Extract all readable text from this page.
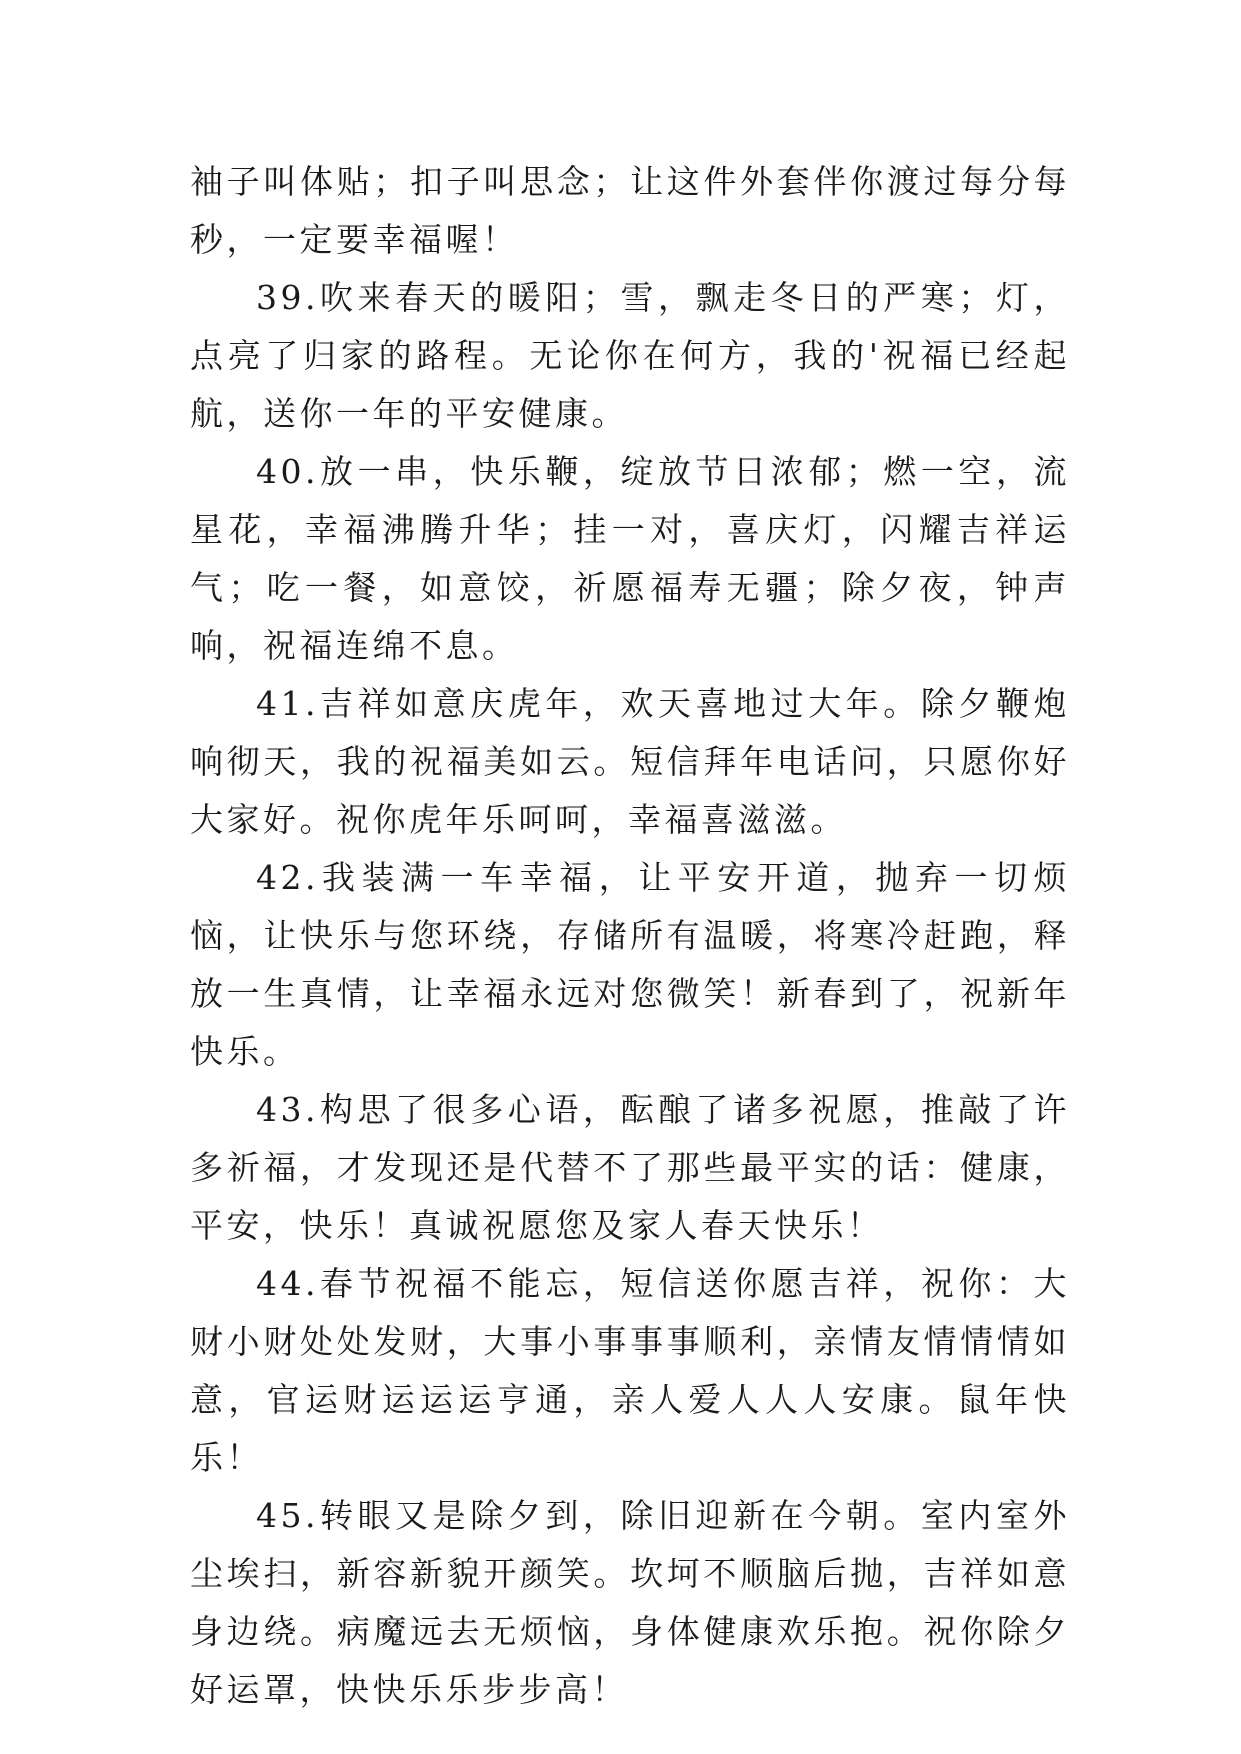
袖子叫体贴；扣子叫思念；让这件外套伴你渡过每分每秒，一定要幸福喔！

39.吹来春天的暖阳；雪，飘走冬日的严寒；灯，点亮了归家的路程。无论你在何方，我的'祝福已经起航，送你一年的平安健康。

40.放一串，快乐鞭，绽放节日浓郁；燃一空，流星花，幸福沸腾升华；挂一对，喜庆灯，闪耀吉祥运气；吃一餐，如意饺，祈愿福寿无疆；除夕夜，钟声响，祝福连绵不息。

41.吉祥如意庆虎年，欢天喜地过大年。除夕鞭炮响彻天，我的祝福美如云。短信拜年电话问，只愿你好大家好。祝你虎年乐呵呵，幸福喜滋滋。

42.我装满一车幸福，让平安开道，抛弃一切烦恼，让快乐与您环绕，存储所有温暖，将寒冷赶跑，释放一生真情，让幸福永远对您微笑！新春到了，祝新年快乐。

43.构思了很多心语，酝酿了诸多祝愿，推敲了许多祈福，才发现还是代替不了那些最平实的话：健康，平安，快乐！真诚祝愿您及家人春天快乐！

44.春节祝福不能忘，短信送你愿吉祥，祝你：大财小财处处发财，大事小事事事顺利，亲情友情情情如意，官运财运运运亨通，亲人爱人人人安康。鼠年快乐！

45.转眼又是除夕到，除旧迎新在今朝。室内室外尘埃扫，新容新貌开颜笑。坎坷不顺脑后抛，吉祥如意身边绕。病魔远去无烦恼，身体健康欢乐抱。祝你除夕好运罩，快快乐乐步步高！
